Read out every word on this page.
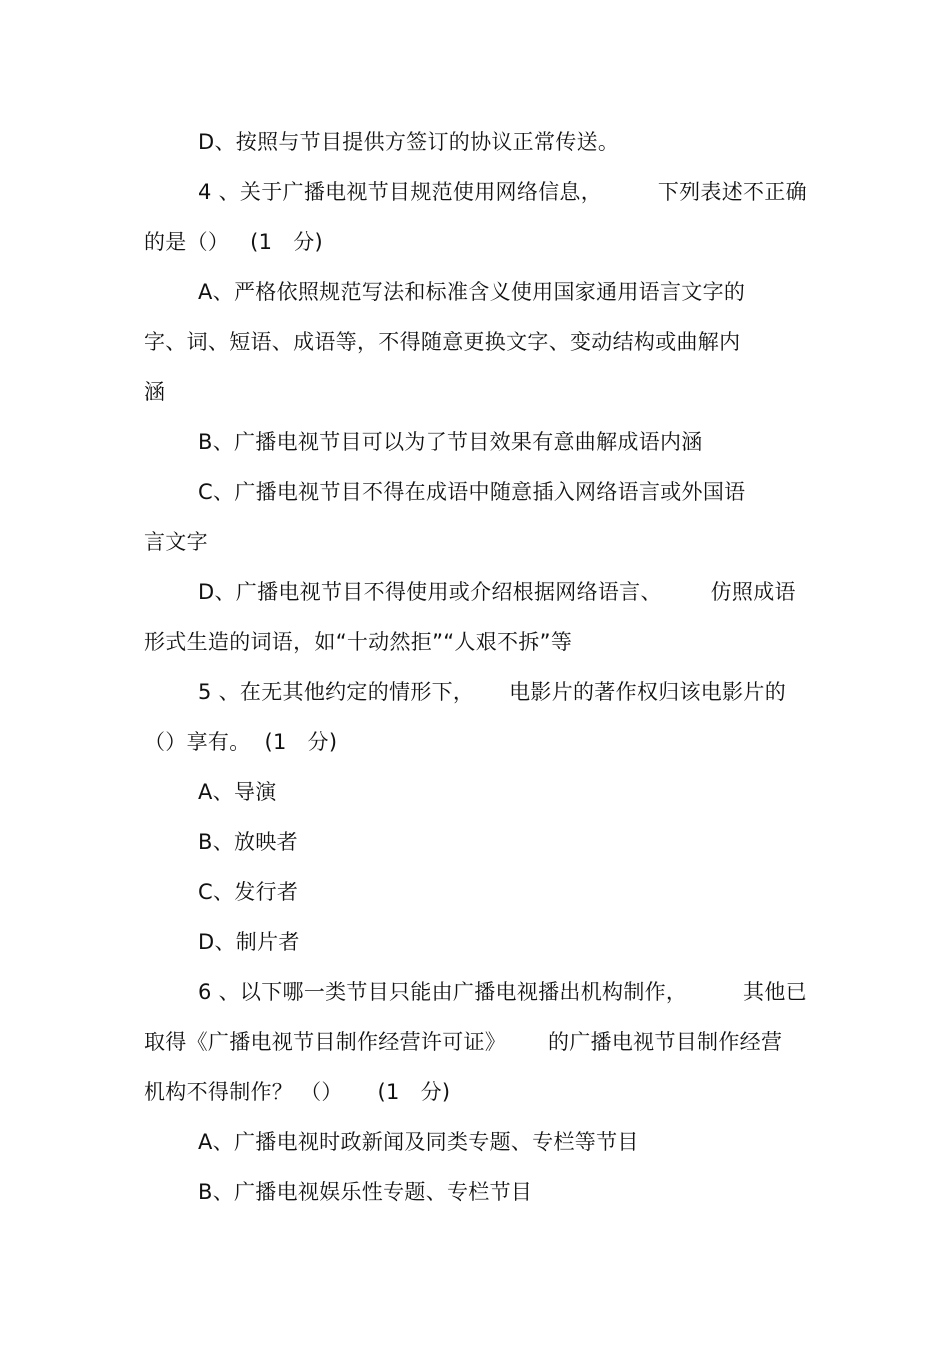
D、按照与节目提供方签订的协议正常传送。
4 、关于广播电视节目规范使用网络信息，        下列表述不正确
的是（）   (1   分)
A、严格依照规范写法和标准含义使用国家通用语言文字的
字、词、短语、成语等，不得随意更换文字、变动结构或曲解内
涵
B、广播电视节目可以为了节目效果有意曲解成语内涵
C、广播电视节目不得在成语中随意插入网络语言或外国语
言文字
D、广播电视节目不得使用或介绍根据网络语言、       仿照成语
形式生造的词语，如“十动然拒”“人艰不拆”等
5 、在无其他约定的情形下，     电影片的著作权归该电影片的
（）享有。  (1   分)
A、导演
B、放映者
C、发行者
D、制片者
6 、以下哪一类节目只能由广播电视播出机构制作，        其他已
取得《广播电视节目制作经营许可证》      的广播电视节目制作经营
机构不得制作？ （）     (1   分)
A、广播电视时政新闻及同类专题、专栏等节目
B、广播电视娱乐性专题、专栏节目
